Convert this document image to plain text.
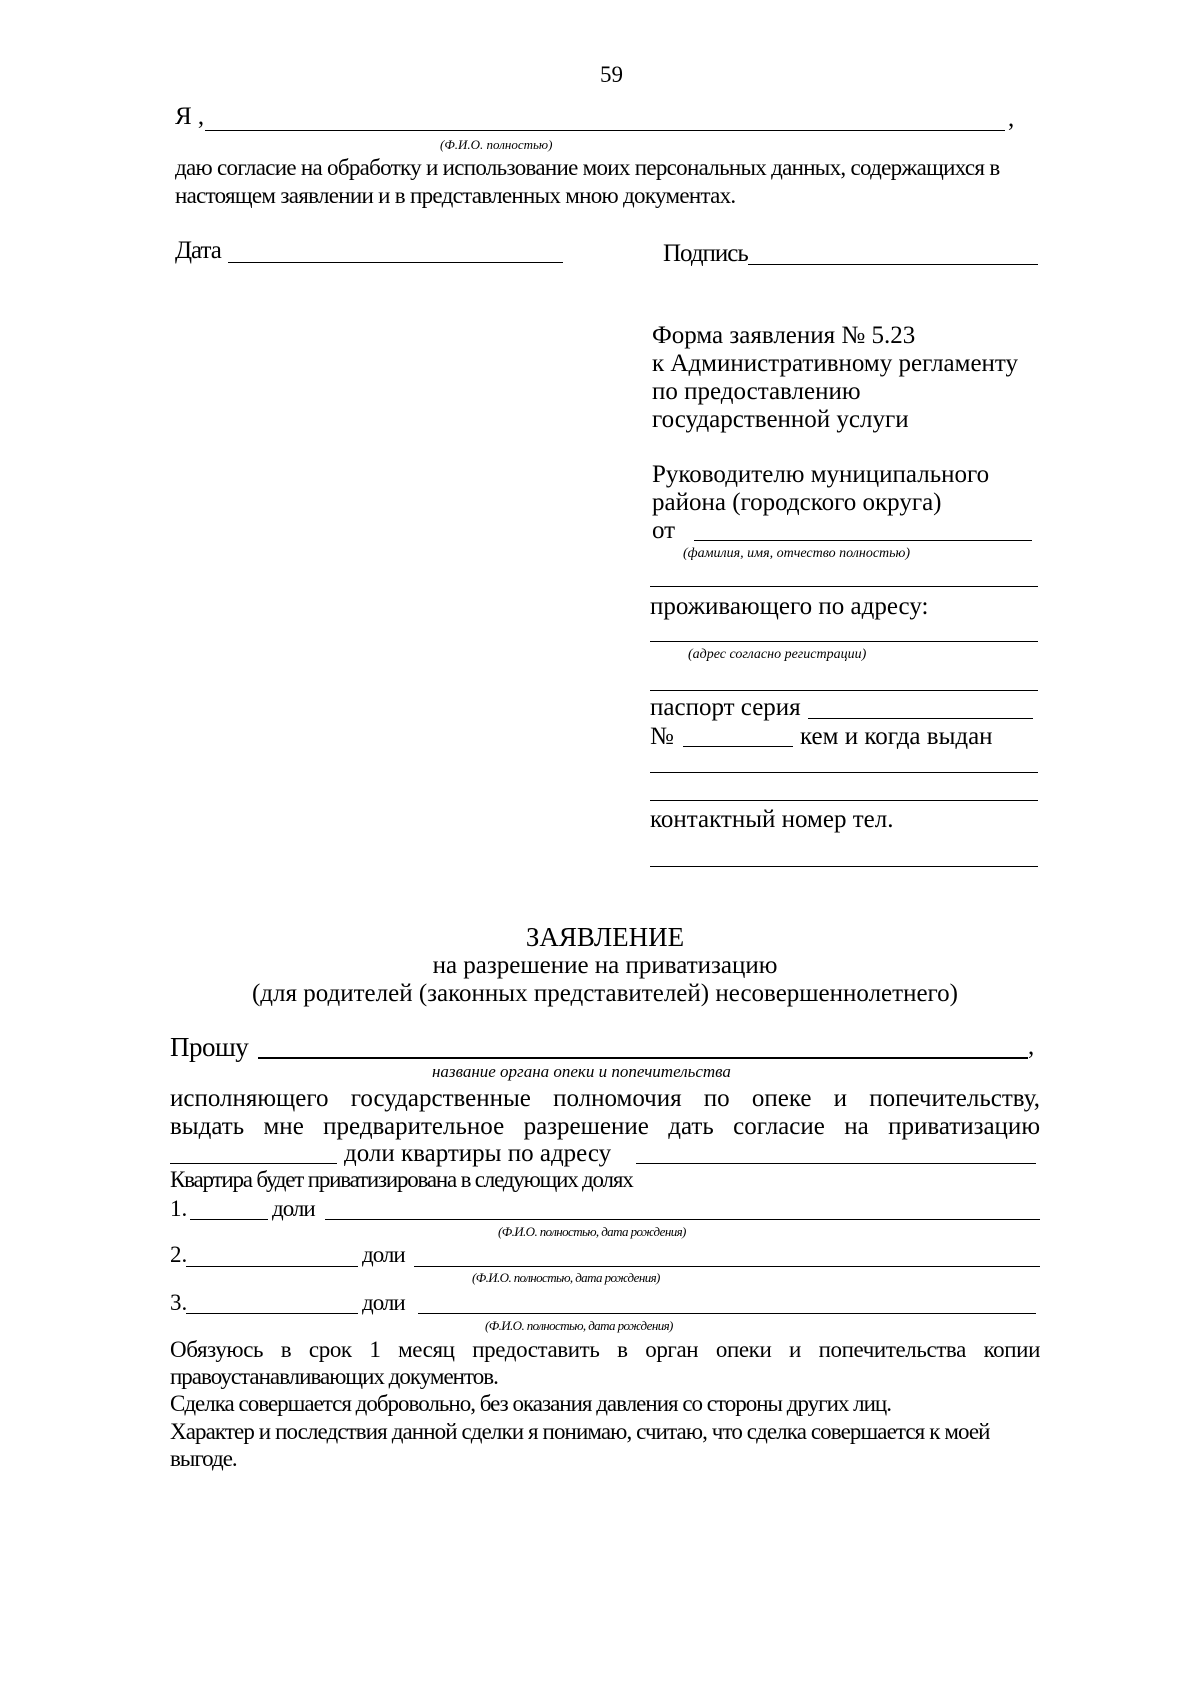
59
Я ,	,
(Ф.И.О. полностью)
даю согласие на обработку и использование моих персональных данных, содержащихся в
настоящем заявлении и в представленных мною документах.
Дата	Подпись
Форма заявления № 5.23
к Административному регламенту
по предоставлению
государственной услуги
Руководителю муниципального
района (городского округа)
от
(фамилия, имя, отчество полностью)
проживающего по адресу:
(адрес согласно регистрации)
паспорт серия
№	кем и когда выдан
контактный номер тел.
ЗАЯВЛЕНИЕ
на разрешение на приватизацию
(для родителей (законных представителей) несовершеннолетнего)
Прошу	,
название органа опеки и попечительства
исполняющего государственные полномочия по опеке и попечительству,
выдать мне предварительное разрешение дать согласие на приватизацию
доли квартиры по адресу
Квартира будет приватизирована в следующих долях
1.	доли
(Ф.И.О. полностью, дата рождения)
2.	доли
(Ф.И.О. полностью, дата рождения)
3.	доли
(Ф.И.О. полностью, дата рождения)
Обязуюсь в срок 1 месяц предоставить в орган опеки и попечительства копии
правоустанавливающих документов.
Сделка совершается добровольно, без оказания давления со стороны других лиц.
Характер и последствия данной сделки я понимаю, считаю, что сделка совершается к моей
выгоде.
